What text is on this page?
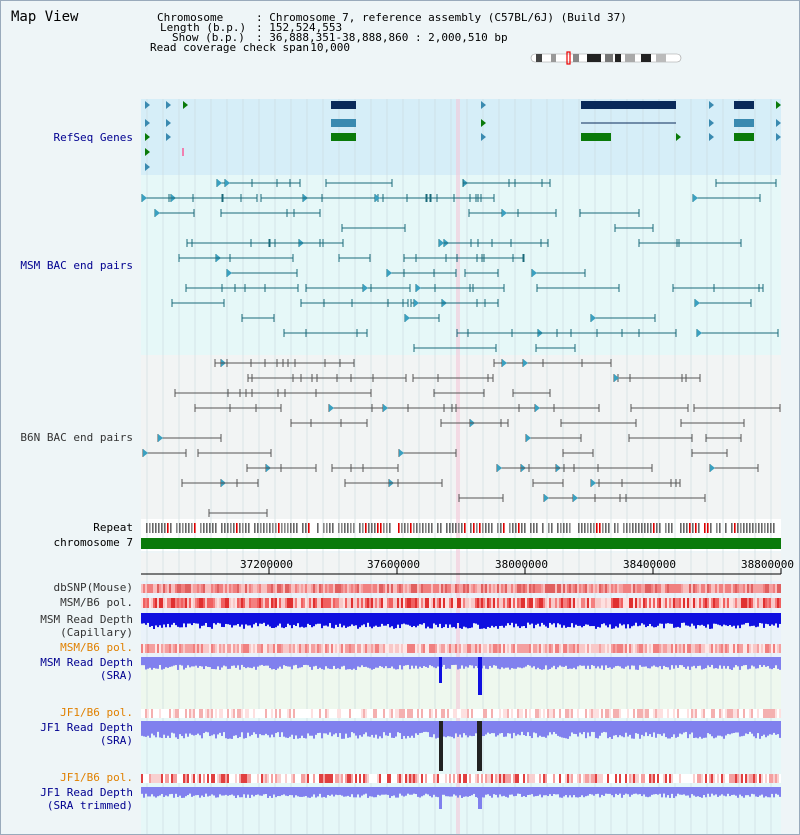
Map View	Chromosome	: Chromosome 7, reference assembly (C57BL/6J) (Build 37)
Length (b.p.) : 152,524,553
Show (b.p.) : 36,888,351-38,888,860 : 2,000,510 bp
Read coverage check span
: 10,000
37200000	37600000	38000000	38400000	38800000
RefSeq Genes
MSM BAC end pairs
B6N BAC end pairs
Repeat
chromosome 7
dbSNP(Mouse)
MSM/B6 pol.
MSM Read Depth
(Capillary)
MSM/B6 pol.
MSM Read Depth
(SRA)
JF1/B6 pol.
JF1 Read Depth
(SRA)
JF1/B6 pol.
JF1 Read Depth
(SRA trimmed)
